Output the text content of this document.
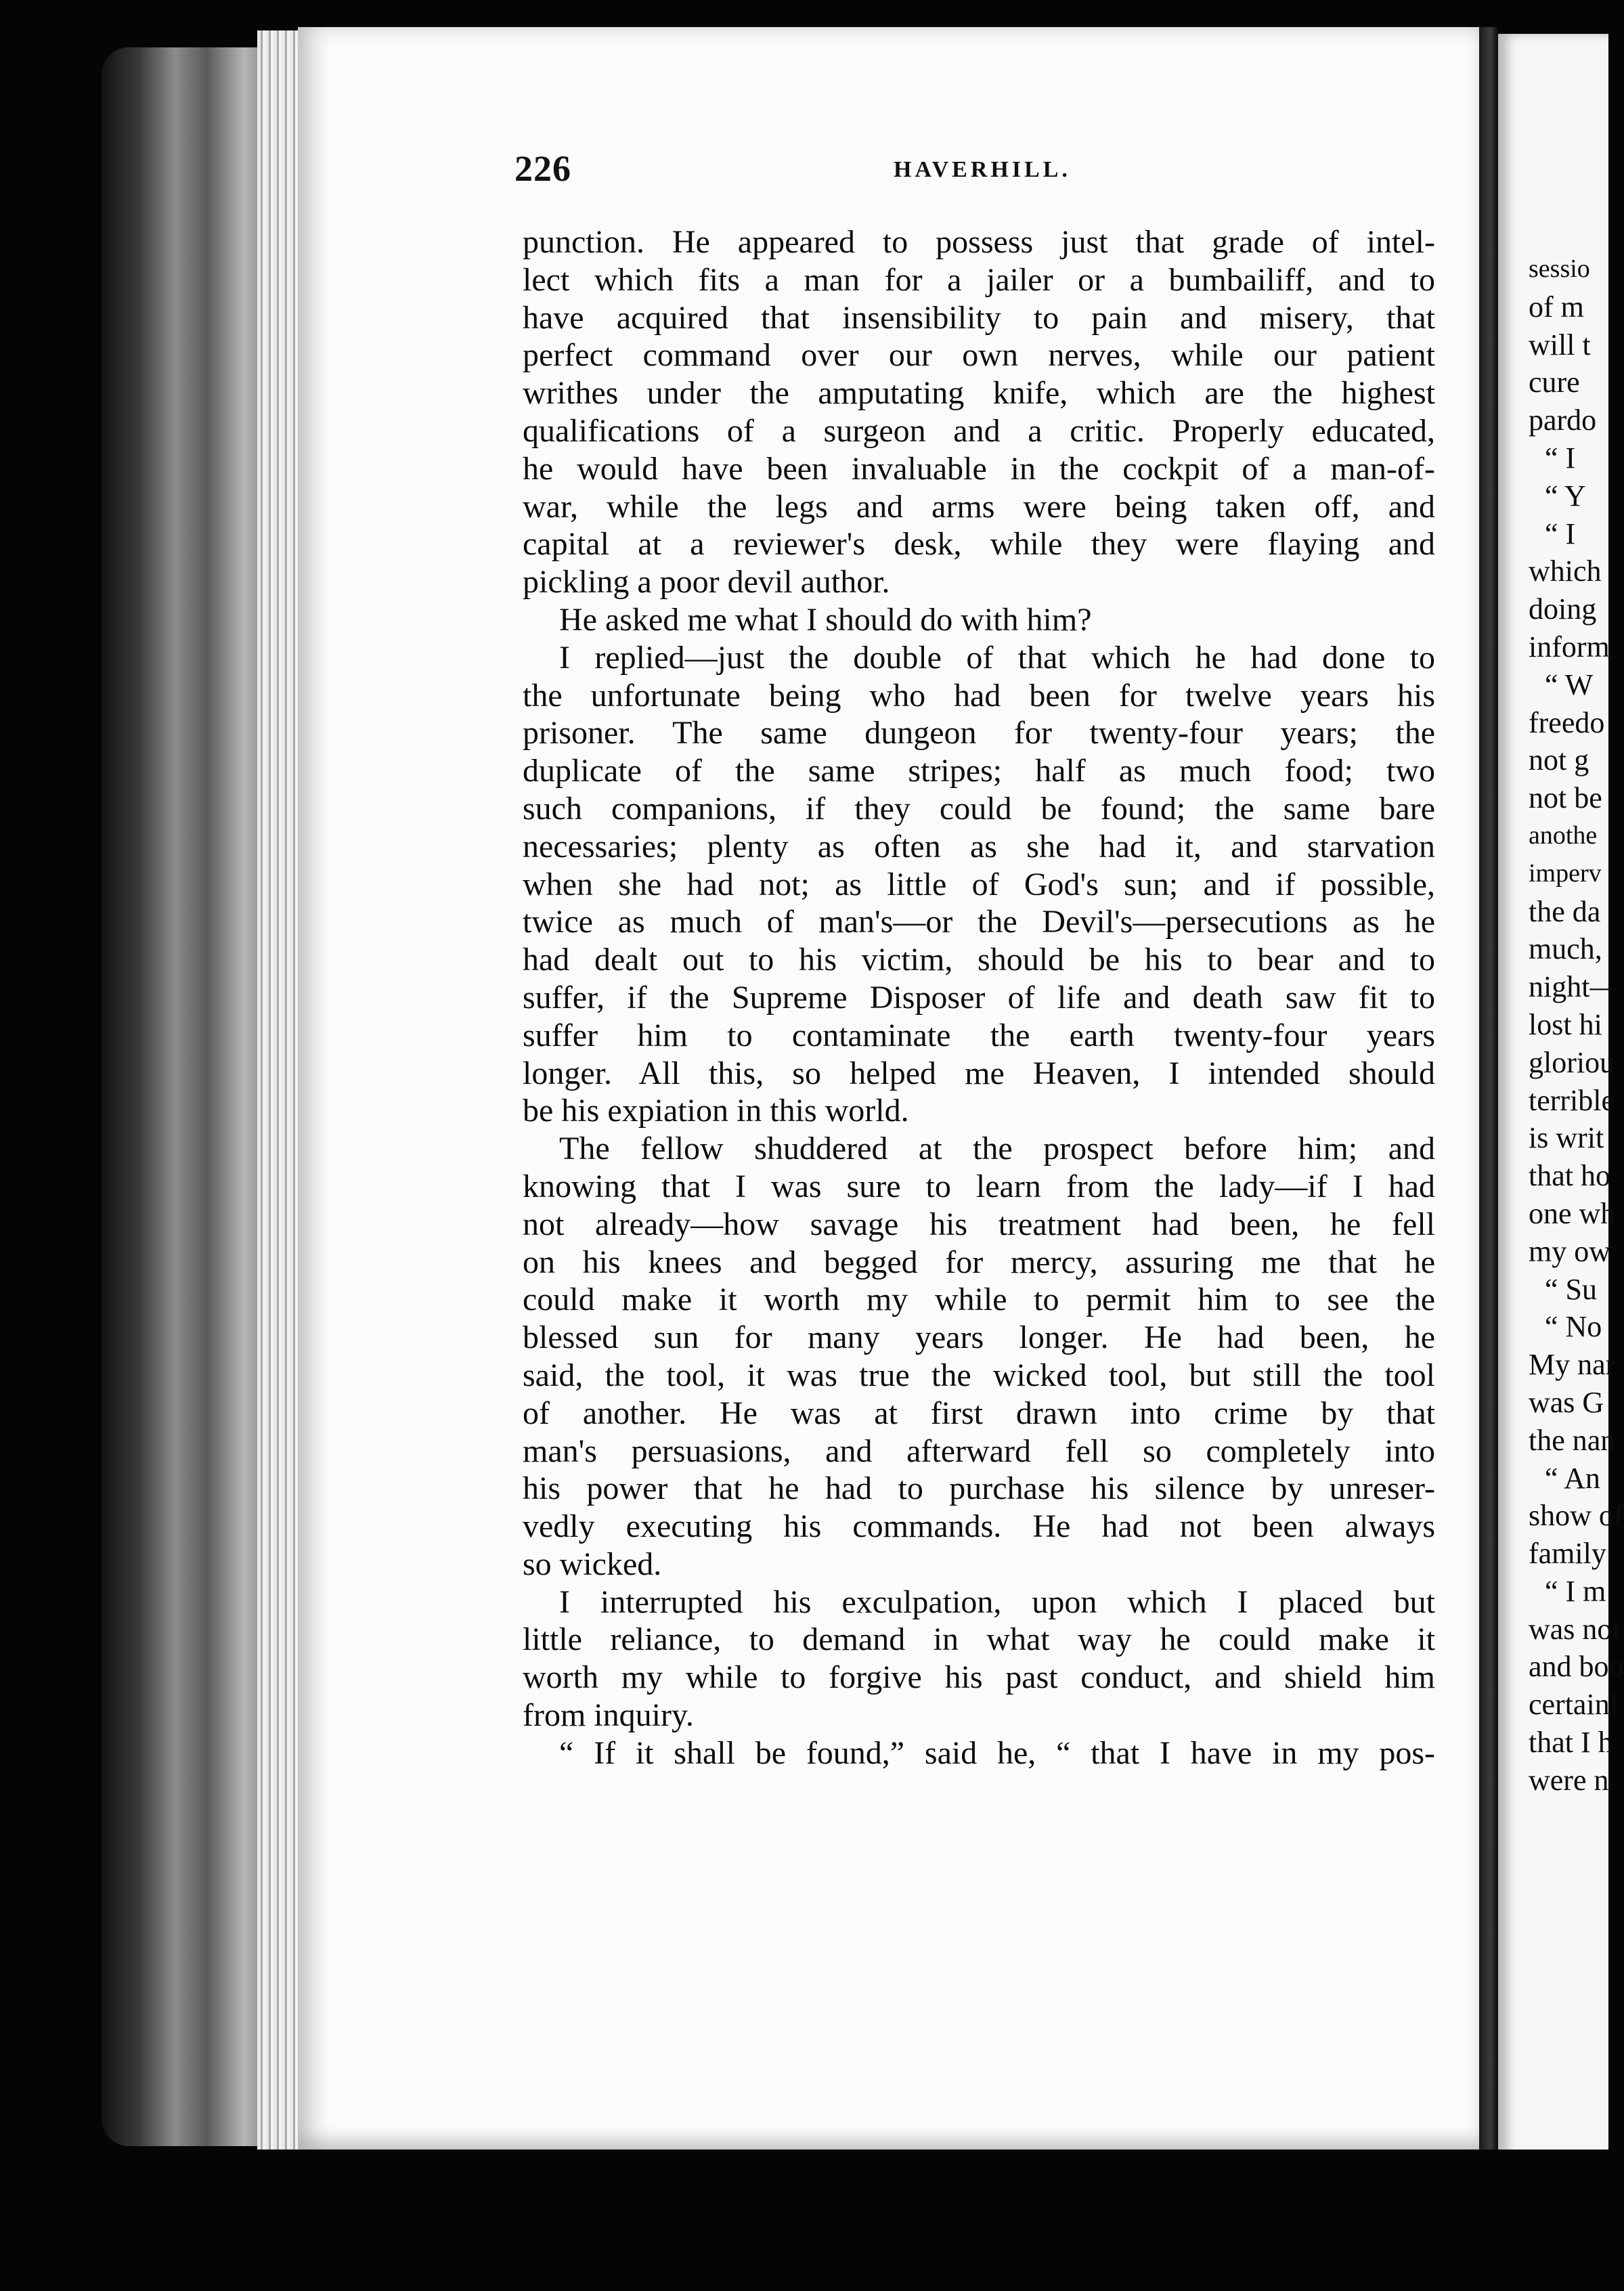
226	HAVERHILL.
punction. He appeared to possess just that grade of intel-
lect which fits a man for a jailer or a bumbailiff, and to
have acquired that insensibility to pain and misery, that
perfect command over our own nerves, while our patient
writhes under the amputating knife, which are the highest
qualifications of a surgeon and a critic. Properly educated,
he would have been invaluable in the cockpit of a man-of-
war, while the legs and arms were being taken off, and
capital at a reviewer's desk, while they were flaying and
pickling a poor devil author.
He asked me what I should do with him?
I replied—just the double of that which he had done to
the unfortunate being who had been for twelve years his
prisoner. The same dungeon for twenty-four years; the
duplicate of the same stripes; half as much food; two
such companions, if they could be found; the same bare
necessaries; plenty as often as she had it, and starvation
when she had not; as little of God's sun; and if possible,
twice as much of man's—or the Devil's—persecutions as he
had dealt out to his victim, should be his to bear and to
suffer, if the Supreme Disposer of life and death saw fit to
suffer him to contaminate the earth twenty-four years
longer. All this, so helped me Heaven, I intended should
be his expiation in this world.
The fellow shuddered at the prospect before him; and
knowing that I was sure to learn from the lady—if I had
not already—how savage his treatment had been, he fell
on his knees and begged for mercy, assuring me that he
could make it worth my while to permit him to see the
blessed sun for many years longer. He had been, he
said, the tool, it was true the wicked tool, but still the tool
of another. He was at first drawn into crime by that
man's persuasions, and afterward fell so completely into
his power that he had to purchase his silence by unreser-
vedly executing his commands. He had not been always
so wicked.
I interrupted his exculpation, upon which I placed but
little reliance, to demand in what way he could make it
worth my while to forgive his past conduct, and shield him
from inquiry.
“ If it shall be found,” said he, “ that I have in my pos-
sessio
of m
will t
cure
pardo
“ I
“ Y
“ I
which
doing
inform
“ W
freedo
not g
not be
anothe
imperv
the da
much,
night—
lost hi
gloriou
terrible
is writ
that ho
one wh
my ow
“ Su
“ No
My nar
was G
the nan
“ An
show of
family
“ I m
was not
and boo
certainl
that I h
were n
